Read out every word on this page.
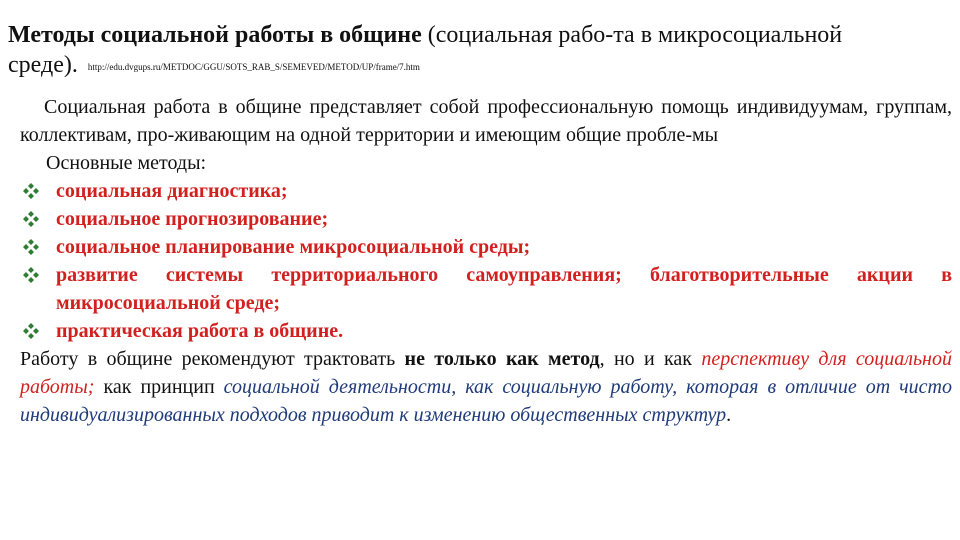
Методы социальной работы в общине (социальная рабо-та в микросоциальной среде). http://edu.dvgups.ru/METDOC/GGU/SOTS_RAB_S/SEMEVED/METOD/UP/frame/7.htm

Социальная работа в общине представляет собой профессиональную помощь индивидуумам, группам, коллективам, про-живающим на одной территории и имеющим общие пробле-мы

Основные методы:

социальная диагностика;
социальное прогнозирование;
социальное планирование микросоциальной среды;
развитие системы территориального самоуправления; благотворительные акции в микросоциальной среде;
практическая работа в общине.

Работу в общине рекомендуют трактовать не только как метод, но и как перспективу для социальной работы; как принцип социальной деятельности, как социальную работу, которая в отличие от чисто индивидуализированных подходов приводит к изменению общественных структур.
